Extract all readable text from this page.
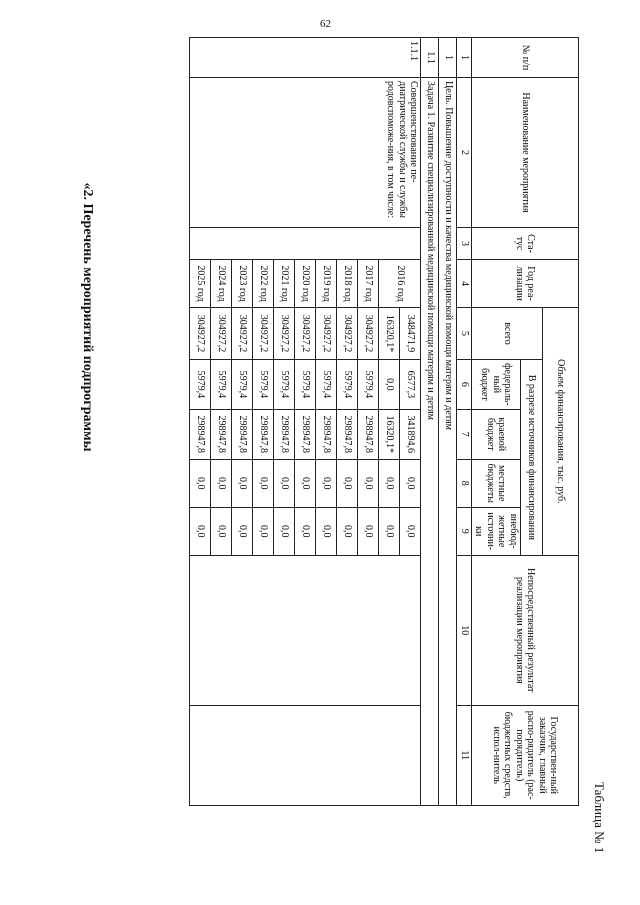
62
Таблица № 1
«2. Перечень мероприятий подпрограммы
№ п/п	Наименование мероприятия	Ста-тус	Год реа-лизации	Объем финансирования, тыс. руб.					Непосредственный результат реализации мероприятия	Государствен-ный заказчик, главный распо-рядитель (рас-порядитель) бюджетных средств, испол-нитель
				всего	В разрезе источников финансирования					
					федераль-ный бюджет	краевой бюджет	местные бюджеты	внебюд-жетные источни-ки		
1	2	3	4	5	6	7	8	9	10	11
1	Цель. Повышение доступности и качества медицинской помощи матерям и детям									
1.1	Задача 1. Развитие специализированной медицинской помощи матерям и детям									
1.1.1	Совершенствование пе-диатрической службы и службы родовспоможе-ния, в том числе:		2016 год	348471,9	6577,3	341894,6	0,0	0,0		
				16320,1*	0,0	16320,1*	0,0	0,0		
			2017 год	304927,2	5979,4	298947,8	0,0	0,0		
			2018 год	304927,2	5979,4	298947,8	0,0	0,0		
			2019 год	304927,2	5979,4	298947,8	0,0	0,0		
			2020 год	304927,2	5979,4	298947,8	0,0	0,0		
			2021 год	304927,2	5979,4	298947,8	0,0	0,0		
			2022 год	304927,2	5979,4	298947,8	0,0	0,0		
			2023 год	304927,2	5979,4	298947,8	0,0	0,0		
			2024 год	304927,2	5979,4	298947,8	0,0	0,0		
			2025 год	304927,2	5979,4	298947,8	0,0	0,0		
